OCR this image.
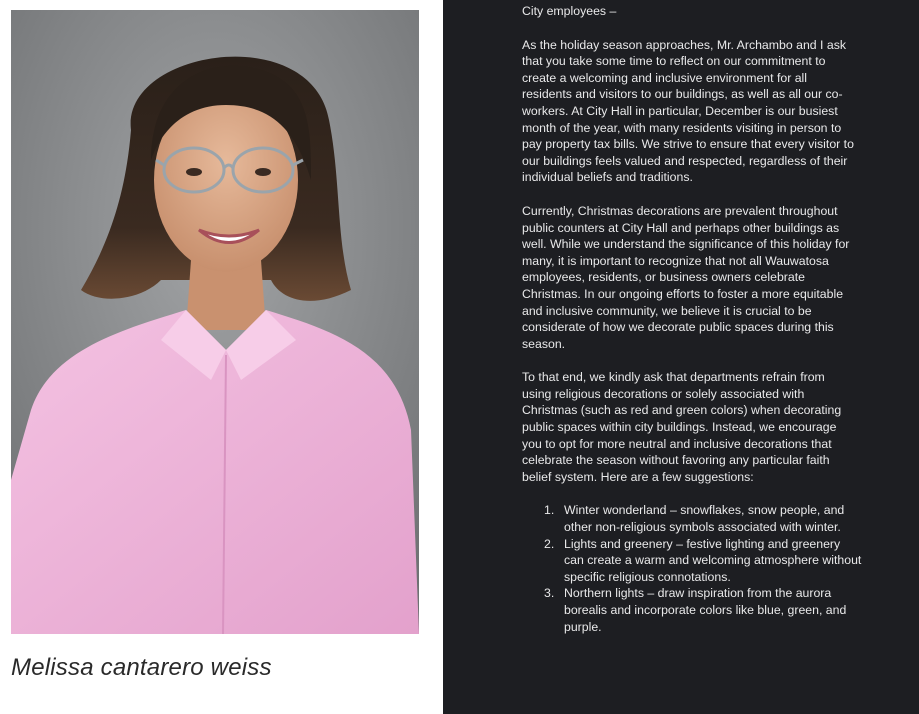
Melissa cantarero weiss
City employees –
As the holiday season approaches, Mr. Archambo and I ask that you take some time to reflect on our commitment to create a welcoming and inclusive environment for all residents and visitors to our buildings, as well as all our co-workers. At City Hall in particular, December is our busiest month of the year, with many residents visiting in person to pay property tax bills. We strive to ensure that every visitor to our buildings feels valued and respected, regardless of their individual beliefs and traditions.
Currently, Christmas decorations are prevalent throughout public counters at City Hall and perhaps other buildings as well. While we understand the significance of this holiday for many, it is important to recognize that not all Wauwatosa employees, residents, or business owners celebrate Christmas. In our ongoing efforts to foster a more equitable and inclusive community, we believe it is crucial to be considerate of how we decorate public spaces during this season.
To that end, we kindly ask that departments refrain from using religious decorations or solely associated with Christmas (such as red and green colors) when decorating public spaces within city buildings. Instead, we encourage you to opt for more neutral and inclusive decorations that celebrate the season without favoring any particular faith belief system. Here are a few suggestions:
1. Winter wonderland – snowflakes, snow people, and other non-religious symbols associated with winter.
2. Lights and greenery – festive lighting and greenery can create a warm and welcoming atmosphere without specific religious connotations.
3. Northern lights – draw inspiration from the aurora borealis and incorporate colors like blue, green, and purple.
